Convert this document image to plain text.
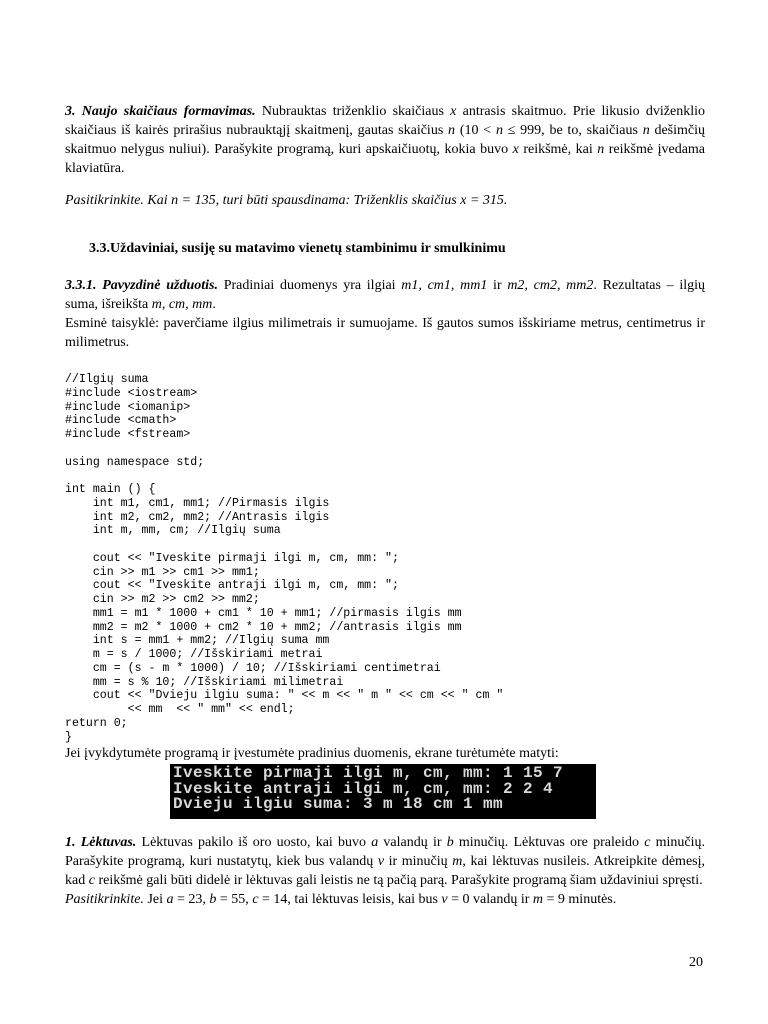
3. Naujo skaičiaus formavimas. Nubrauktas triženklio skaičiaus x antrasis skaitmuo. Prie likusio dviženklio skaičiaus iš kairės prirašius nubrauktąjį skaitmenį, gautas skaičius n (10 < n ≤ 999, be to, skaičiaus n dešimčių skaitmuo nelygus nuliui). Parašykite programą, kuri apskaičiuotų, kokia buvo x reikšmė, kai n reikšmė įvedama klaviatūra.

Pasitikrinkite. Kai n = 135, turi būti spausdinama: Triženklis skaičius x = 315.

3.3.Uždaviniai, susiję su matavimo vienetų stambinimu ir smulkinimu

3.3.1. Pavyzdinė užduotis. Pradiniai duomenys yra ilgiai m1, cm1, mm1 ir m2, cm2, mm2. Rezultatas – ilgių suma, išreikšta m, cm, mm.

Esminė taisyklė: paverčiame ilgius milimetrais ir sumuojame. Iš gautos sumos išskiriame metrus, centimetrus ir milimetrus.

//Ilgių suma
#include <iostream>
#include <iomanip>
#include <cmath>
#include <fstream>

using namespace std;

int main () {
int m1, cm1, mm1; //Pirmasis ilgis
int m2, cm2, mm2; //Antrasis ilgis
int m, mm, cm; //Ilgių suma

cout << "Iveskite pirmaji ilgi m, cm, mm: ";
cin >> m1 >> cm1 >> mm1;
cout << "Iveskite antraji ilgi m, cm, mm: ";
cin >> m2 >> cm2 >> mm2;
mm1 = m1 * 1000 + cm1 * 10 + mm1; //pirmasis ilgis mm
mm2 = m2 * 1000 + cm2 * 10 + mm2; //antrasis ilgis mm
int s = mm1 + mm2; //Ilgių suma mm
m = s / 1000; //Išskiriami metrai
cm = (s - m * 1000) / 10; //Išskiriami centimetrai
mm = s % 10; //Išskiriami milimetrai
cout << "Dvieju ilgiu suma: " << m << " m " << cm << " cm "
<< mm  << " mm" << endl;
return 0;
}

Jei įvykdytumėte programą ir įvestumėte pradinius duomenis, ekrane turėtumėte matyti:

Iveskite pirmaji ilgi m, cm, mm: 1 15 7
Iveskite antraji ilgi m, cm, mm: 2 2 4
Dvieju ilgiu suma: 3 m 18 cm 1 mm

1. Lėktuvas. Lėktuvas pakilo iš oro uosto, kai buvo a valandų ir b minučių. Lėktuvas ore praleido c minučių. Parašykite programą, kuri nustatytų, kiek bus valandų v ir minučių m, kai lėktuvas nusileis. Atkreipkite dėmesį, kad c reikšmė gali būti didelė ir lėktuvas gali leistis ne tą pačią parą. Parašykite programą šiam uždaviniui spręsti.

Pasitikrinkite. Jei a = 23, b = 55, c = 14, tai lėktuvas leisis, kai bus v = 0 valandų ir m = 9 minutės.

20
